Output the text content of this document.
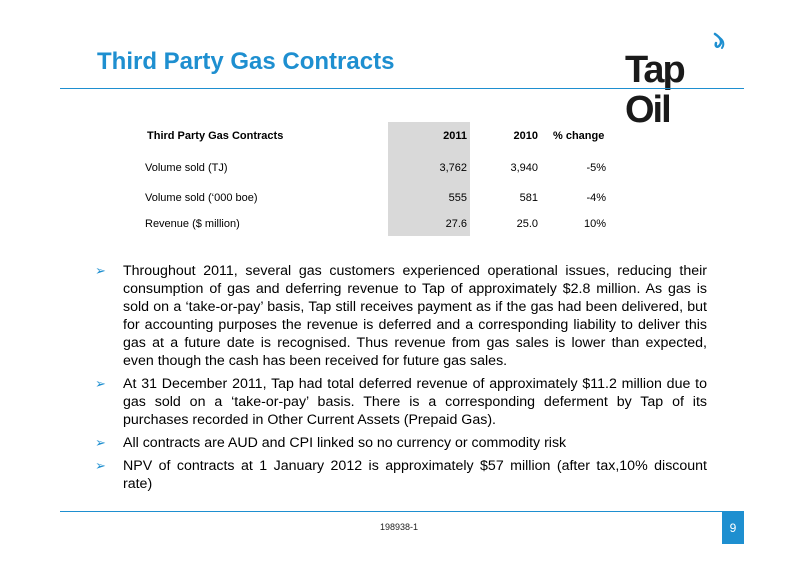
Third Party Gas Contracts	Tap Oil
Third Party Gas Contracts	2011	2010 % change
Volume sold (TJ)	3,762	3,940	-5%
Volume sold (‘000 boe)	555	581	-4%
Revenue ($ million)	27.6	25.0	10%
➢ Throughout 2011, several gas customers experienced operational issues, reducing their consumption of gas and deferring revenue to Tap of approximately $2.8 million. As gas is sold on a ‘take-or-pay’ basis, Tap still receives payment as if the gas had been delivered, but for accounting purposes the revenue is deferred and a corresponding liability to deliver this gas at a future date is recognised. Thus revenue from gas sales is lower than expected, even though the cash has been received for future gas sales.
➢ At 31 December 2011, Tap had total deferred revenue of approximately $11.2 million due to gas sold on a ‘take-or-pay’ basis. There is a corresponding deferment by Tap of its purchases recorded in Other Current Assets (Prepaid Gas).
➢ All contracts are AUD and CPI linked so no currency or commodity risk
➢ NPV of contracts at 1 January 2012 is approximately $57 million (after tax,10% discount rate)
198938-1	9
